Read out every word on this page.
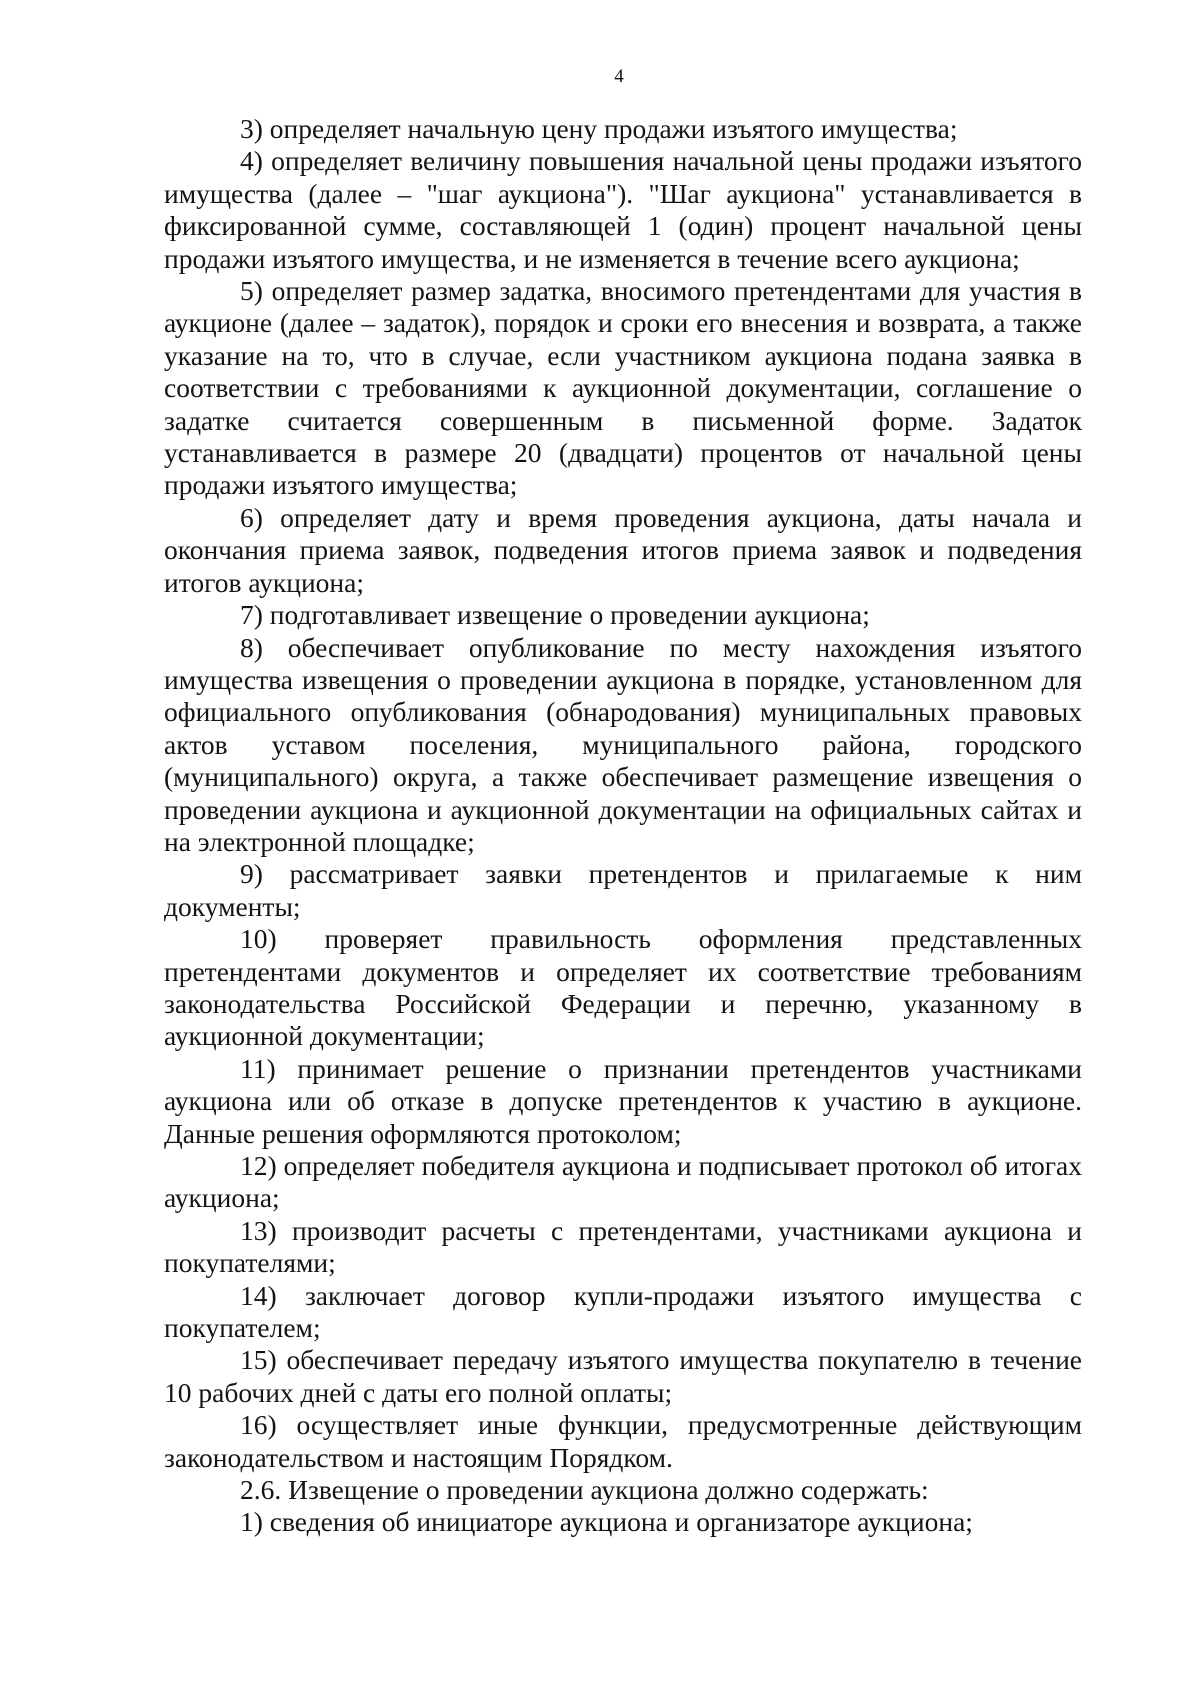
4

3) определяет начальную цену продажи изъятого имущества;

4) определяет величину повышения начальной цены продажи изъятого имущества (далее – "шаг аукциона"). "Шаг аукциона" устанавливается в фиксированной сумме, составляющей 1 (один) процент начальной цены продажи изъятого имущества, и не изменяется в течение всего аукциона;

5) определяет размер задатка, вносимого претендентами для участия в аукционе (далее – задаток), порядок и сроки его внесения и возврата, а также указание на то, что в случае, если участником аукциона подана заявка в соответствии с требованиями к аукционной документации, соглашение о задатке считается совершенным в письменной форме. Задаток устанавливается в размере 20 (двадцати) процентов от начальной цены продажи изъятого имущества;

6) определяет дату и время проведения аукциона, даты начала и окончания приема заявок, подведения итогов приема заявок и подведения итогов аукциона;

7) подготавливает извещение о проведении аукциона;

8) обеспечивает опубликование по месту нахождения изъятого имущества извещения о проведении аукциона в порядке, установленном для официального опубликования (обнародования) муниципальных правовых актов уставом поселения, муниципального района, городского (муниципального) округа, а также обеспечивает размещение извещения о проведении аукциона и аукционной документации на официальных сайтах и на электронной площадке;

9) рассматривает заявки претендентов и прилагаемые к ним документы;

10) проверяет правильность оформления представленных претендентами документов и определяет их соответствие требованиям законодательства Российской Федерации и перечню, указанному в аукционной документации;

11) принимает решение о признании претендентов участниками аукциона или об отказе в допуске претендентов к участию в аукционе. Данные решения оформляются протоколом;

12) определяет победителя аукциона и подписывает протокол об итогах аукциона;

13) производит расчеты с претендентами, участниками аукциона и покупателями;

14) заключает договор купли-продажи изъятого имущества с покупателем;

15) обеспечивает передачу изъятого имущества покупателю в течение 10 рабочих дней с даты его полной оплаты;

16) осуществляет иные функции, предусмотренные действующим законодательством и настоящим Порядком.

2.6. Извещение о проведении аукциона должно содержать:

1) сведения об инициаторе аукциона и организаторе аукциона;
